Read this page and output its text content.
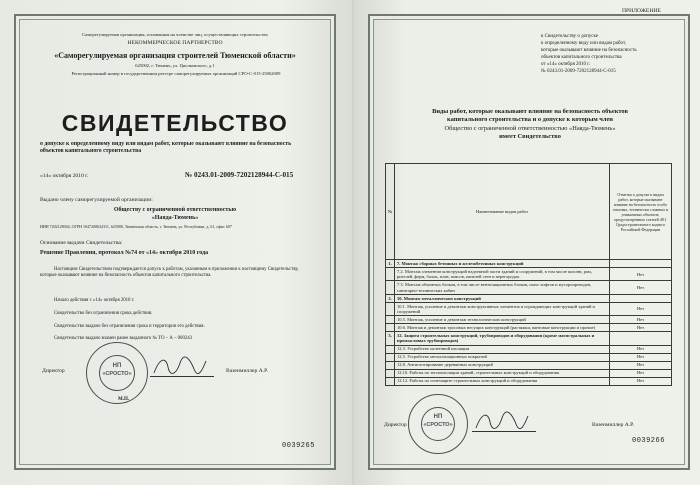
Саморегулируемая организация, основанная на членстве лиц, осуществляющих строительство
НЕКОММЕРЧЕСКОЕ ПАРТНЕРСТВО
«Саморегулируемая организация строителей Тюменской области»
625002, г. Тюмень, ул. Циолковского, д.1
Регистрационный номер в государственном реестре саморегулируемых организаций СРО-С-015-25062009
СВИДЕТЕЛЬСТВО
о допуске к определенному виду или видам работ, которые оказывают влияние на безопасность объектов капитального строительства
«14» октября 2010 г.	№ 0243.01-2009-7202128944-С-015
Выдано члену саморегулируемой организации:
Обществу с ограниченной ответственностью
«Наяда-Тюмень»
ИНН 7202128944, ОГРН 1047200632311, 625000, Тюменская область, г. Тюмень, ул. Республики, д. 61, офис 607
Основание выдачи Свидетельства:
Решение Правления, протокол №74 от «14» октября 2010 года
Настоящим Свидетельством подтверждается допуск к работам, указанным в приложении к настоящему Свидетельству, которые оказывают влияние на безопасность объектов капитального строительства.
Начало действия с «14» октября 2010 г.
Свидетельство без ограничения срока действия.
Свидетельство выдано без ограничения срока и территории его действия.
Свидетельство выдано взамен ранее выданного № ТО – А – 000243
НП
«СРОСТО»
Директор	Вазенмиллер А.Р.
М.П.
0039265
ПРИЛОЖЕНИЕ
к Свидетельству о допуске
к определенному виду или видам работ,
которые оказывают влияние на безопасность
объектов капитального строительства
от «14» октября 2010 г.
№ 0243.01-2009-7202128944-С-015
Виды работ, которые оказывают влияние на безопасность объектов
капитального строительства и о допуске к которым член
Общество с ограниченной ответственностью «Наяда-Тюмень»
имеет Свидетельство
№	Наименование видов работ	Отметка о допуске к видам работ, которые оказывают влияние на безопасность особо опасных, технически сложных и уникальных объектов, предусмотренных статьей 48.1 Градостроительного кодекса Российской Федерации
1.	7. Монтаж сборных бетонных и железобетонных конструкций	
	7.2. Монтаж элементов конструкций надземной части зданий и сооружений, в том числе колонн, рам, ригелей, ферм, балок, плит, поясов, панелей стен и перегородок	Нет
	7.3. Монтаж объемных блоков, в том числе вентиляционных блоков, шахт лифтов и мусоропроводов, санитарно-технических кабин	Нет
2.	10. Монтаж металлических конструкций	
	10.1. Монтаж, усиление и демонтаж конструктивных элементов и ограждающих конструкций зданий и сооружений	Нет
	10.5. Монтаж, усиление и демонтаж технологических конструкций	Нет
	10.6. Монтаж и демонтаж тросовых несущих конструкций (растяжки, вантовые конструкции и прочие)	Нет
3.	12. Защита строительных конструкций, трубопроводов и оборудования (кроме магистральных и промысловых трубопроводов)	
	12.3. Устройство оклеечной изоляции	Нет
	12.5. Устройство металлизационных покрытий	Нет
	12.8. Антисептирование деревянных конструкций	Нет
	12.10. Работы по теплоизоляции зданий, строительных конструкций и оборудования	Нет
	12.12. Работы по огнезащите строительных конструкций и оборудования	Нет
НП
«СРОСТО»
Директор	Вазенмиллер А.Р.
0039266
